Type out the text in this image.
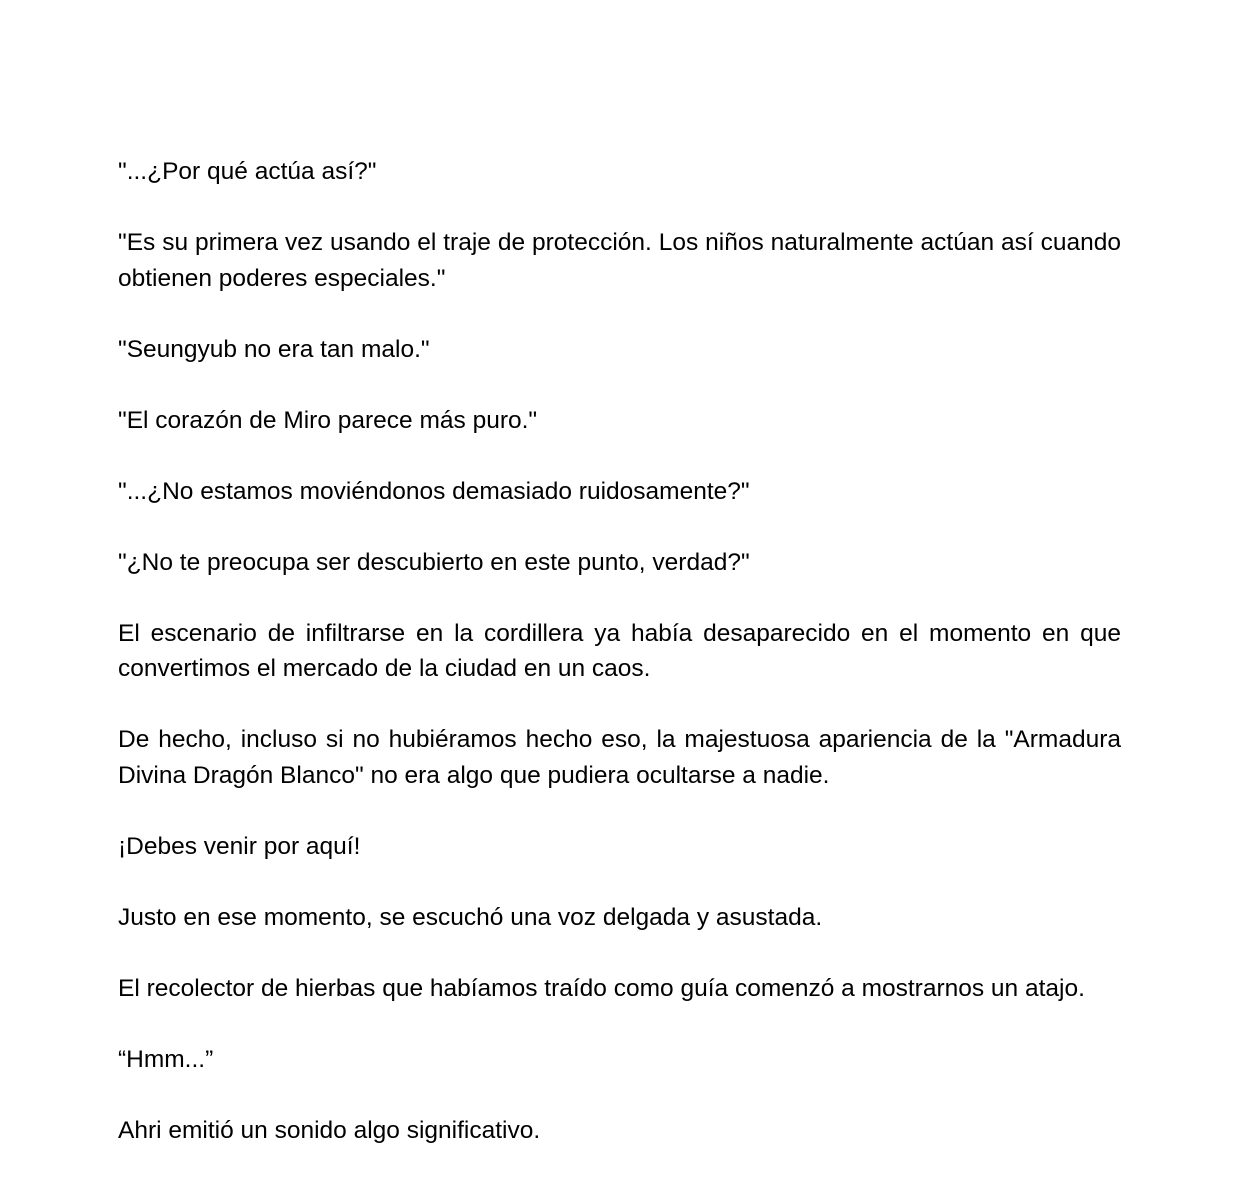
"...¿Por qué actúa así?"

"Es su primera vez usando el traje de protección. Los niños naturalmente actúan así cuando obtienen poderes especiales."

"Seungyub no era tan malo."

"El corazón de Miro parece más puro."

"...¿No estamos moviéndonos demasiado ruidosamente?"

"¿No te preocupa ser descubierto en este punto, verdad?"

El escenario de infiltrarse en la cordillera ya había desaparecido en el momento en que convertimos el mercado de la ciudad en un caos.

De hecho, incluso si no hubiéramos hecho eso, la majestuosa apariencia de la "Armadura Divina Dragón Blanco" no era algo que pudiera ocultarse a nadie.

¡Debes venir por aquí!

Justo en ese momento, se escuchó una voz delgada y asustada.

El recolector de hierbas que habíamos traído como guía comenzó a mostrarnos un atajo.

“Hmm...”

Ahri emitió un sonido algo significativo.
